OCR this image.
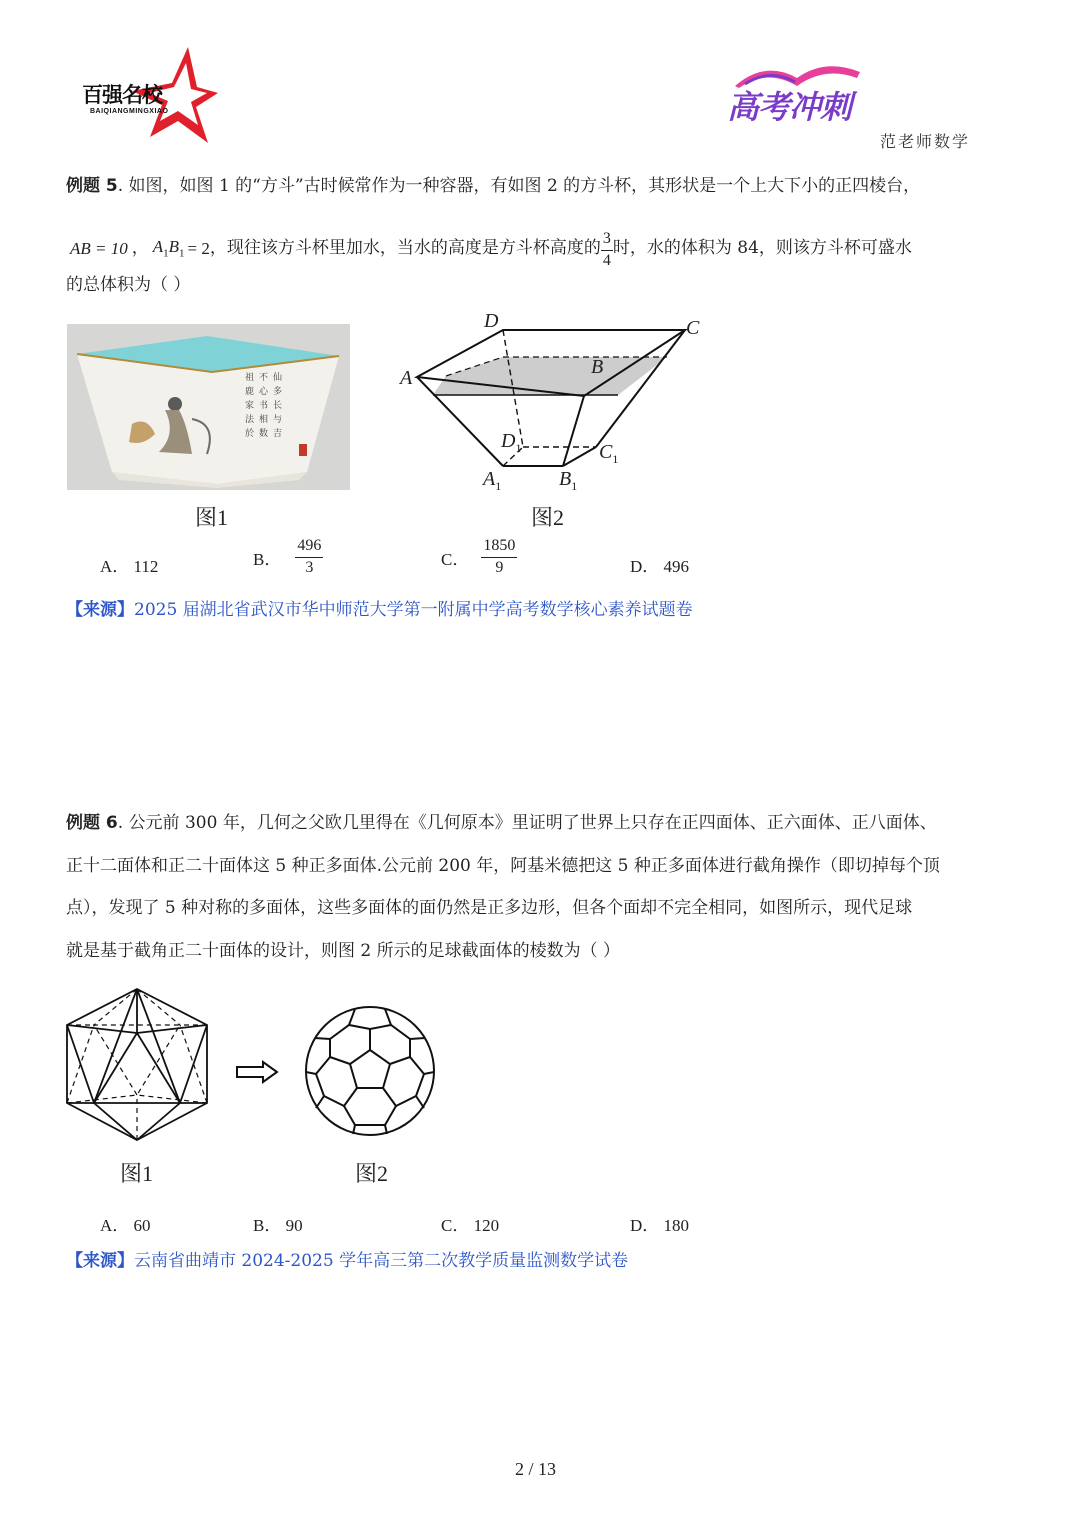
百强名校
BAIQIANGMINGXIAO	高考冲刺
范老师数学
例题 5. 如图，如图 1 的“方斗”古时候常作为一种容器，有如图 2 的方斗杯，其形状是一个上大下小的正四棱台，
AB = 10 ， $A_1B_1 = 2$ ，现往该方斗杯里加水，当水的高度是方斗杯高度的 $\frac{3}{4}$ 时，水的体积为 84，则该方斗杯可盛水
的总体积为（ ）
祖
鹿
家
法
於
不
心
书
相
数
仙
多
长
与
吉
图1
D	C
A	B
$D_1$	$C_1$
$A_1$	$B_1$
图2
A． 112	B． $\frac{496}{3}$	C． $\frac{1850}{9}$	D． 496
【来源】2025 届湖北省武汉市华中师范大学第一附属中学高考数学核心素养试题卷
例题 6. 公元前 300 年，几何之父欧几里得在《几何原本》里证明了世界上只存在正四面体、正六面体、正八面体、
正十二面体和正二十面体这 5 种正多面体.公元前 200 年，阿基米德把这 5 种正多面体进行截角操作（即切掉每个顶
点），发现了 5 种对称的多面体，这些多面体的面仍然是正多边形，但各个面却不完全相同，如图所示，现代足球
就是基于截角正二十面体的设计，则图 2 所示的足球截面体的棱数为（ ）
图1	图2
A． 60	B． 90	C． 120	D． 180
【来源】云南省曲靖市 2024-2025 学年高三第二次教学质量监测数学试卷
2 / 13
